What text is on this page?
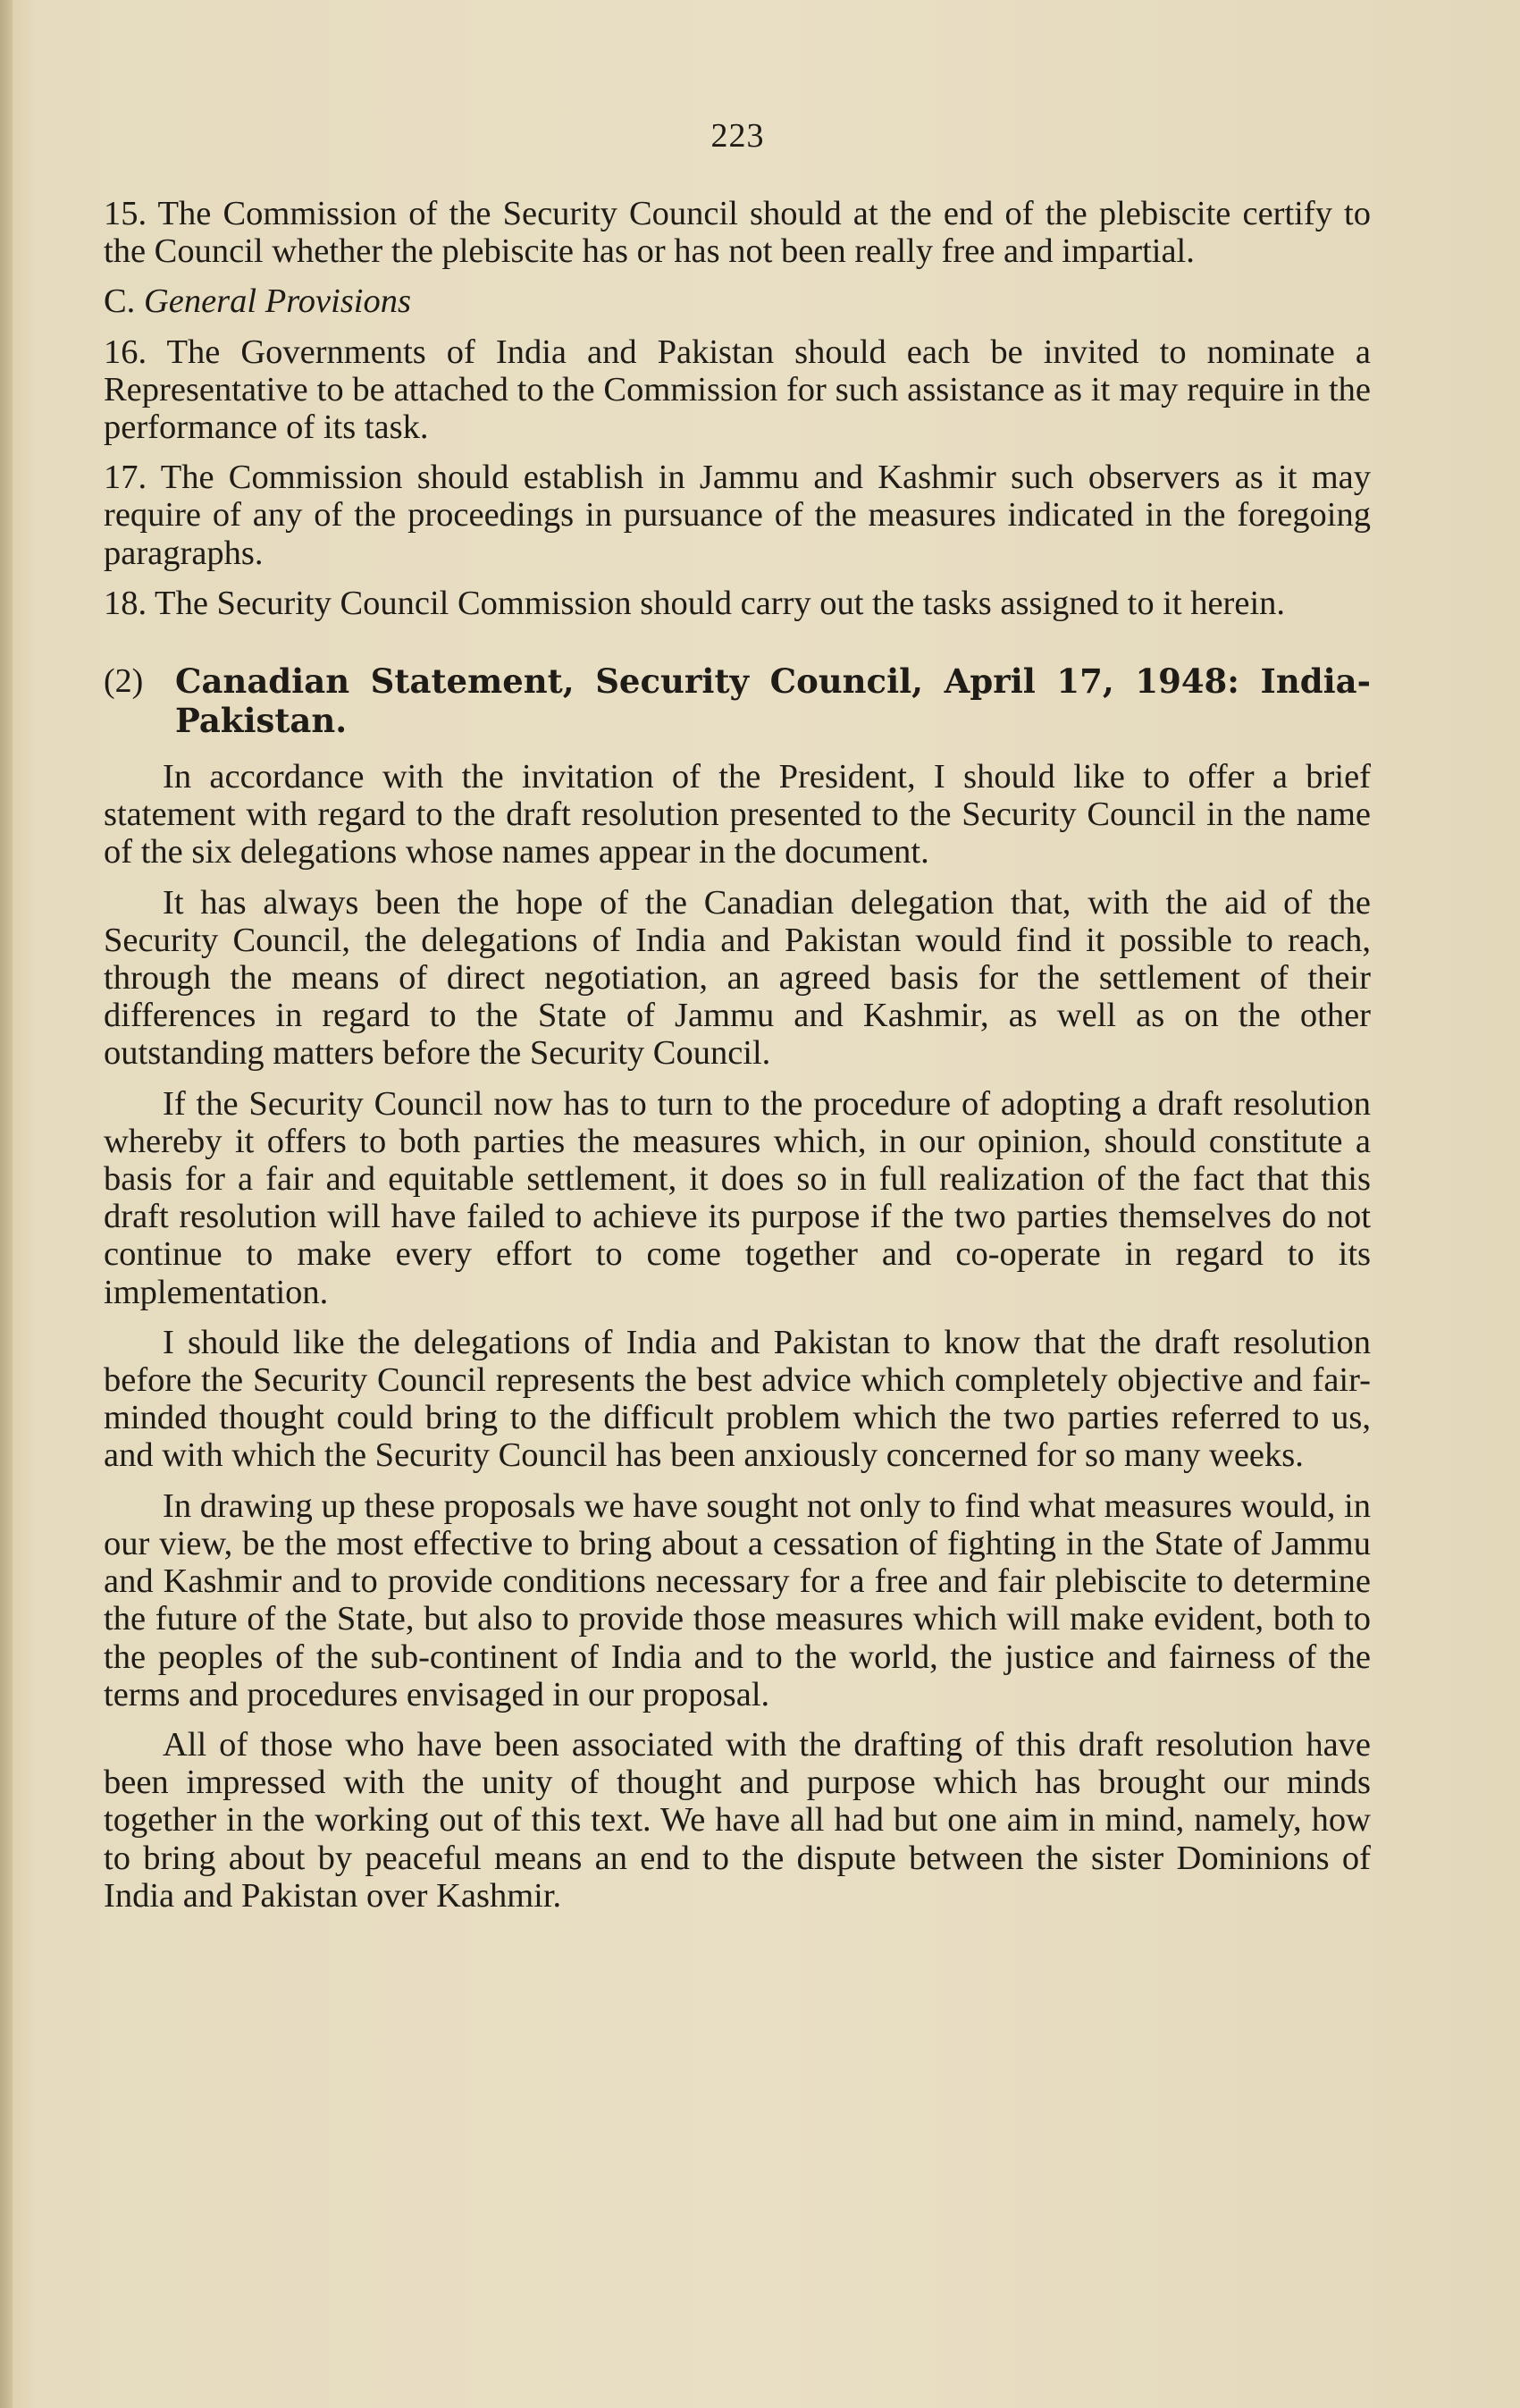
223

15. The Commission of the Security Council should at the end of the plebiscite certify to the Council whether the plebiscite has or has not been really free and impartial.

C. General Provisions

16. The Governments of India and Pakistan should each be invited to nominate a Representative to be attached to the Commission for such assistance as it may require in the performance of its task.

17. The Commission should establish in Jammu and Kashmir such observers as it may require of any of the proceedings in pursuance of the measures indicated in the foregoing paragraphs.

18. The Security Council Commission should carry out the tasks assigned to it herein.

(2) Canadian Statement, Security Council, April 17, 1948: India-Pakistan.

In accordance with the invitation of the President, I should like to offer a brief statement with regard to the draft resolution presented to the Security Council in the name of the six delegations whose names appear in the document.

It has always been the hope of the Canadian delegation that, with the aid of the Security Council, the delegations of India and Pakistan would find it possible to reach, through the means of direct negotiation, an agreed basis for the settlement of their differences in regard to the State of Jammu and Kashmir, as well as on the other outstanding matters before the Security Council.

If the Security Council now has to turn to the procedure of adopting a draft resolution whereby it offers to both parties the measures which, in our opinion, should constitute a basis for a fair and equitable settlement, it does so in full realization of the fact that this draft resolution will have failed to achieve its purpose if the two parties themselves do not continue to make every effort to come together and co-operate in regard to its implementation.

I should like the delegations of India and Pakistan to know that the draft resolution before the Security Council represents the best advice which completely objective and fair-minded thought could bring to the difficult problem which the two parties referred to us, and with which the Security Council has been anxiously concerned for so many weeks.

In drawing up these proposals we have sought not only to find what measures would, in our view, be the most effective to bring about a cessation of fighting in the State of Jammu and Kashmir and to provide conditions necessary for a free and fair plebiscite to determine the future of the State, but also to provide those measures which will make evident, both to the peoples of the sub-continent of India and to the world, the justice and fairness of the terms and procedures envisaged in our proposal.

All of those who have been associated with the drafting of this draft resolution have been impressed with the unity of thought and purpose which has brought our minds together in the working out of this text. We have all had but one aim in mind, namely, how to bring about by peaceful means an end to the dispute between the sister Dominions of India and Pakistan over Kashmir.
